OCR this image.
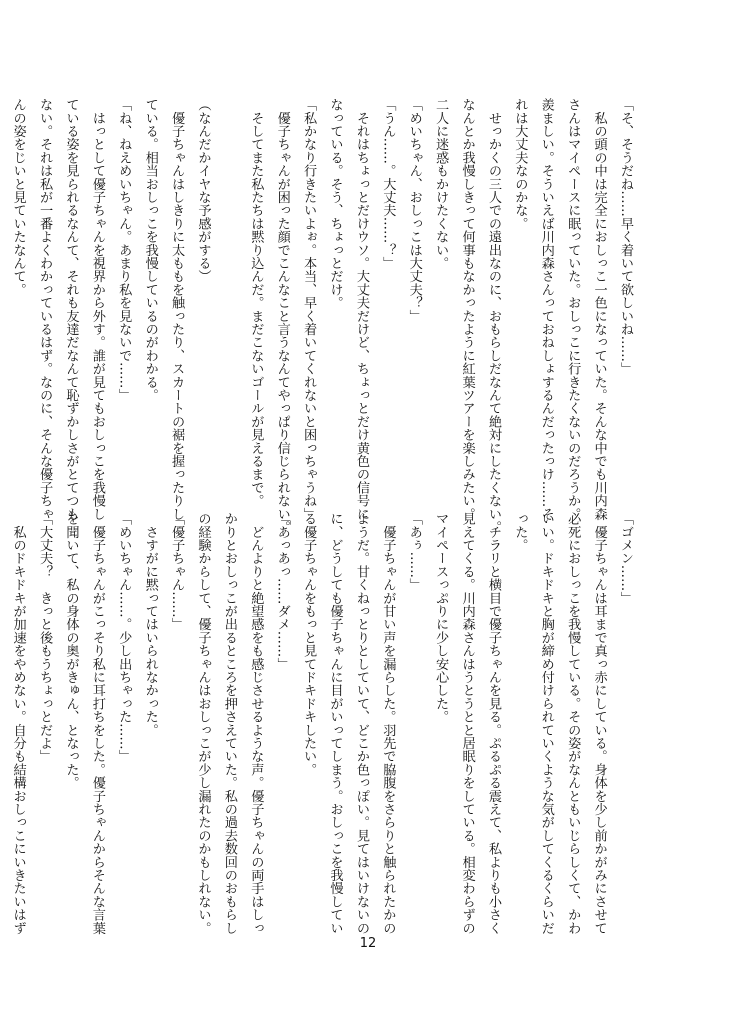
「そ、そうだね……早く着いて欲しいね……」
　私の頭の中は完全におしっこ一色になっていた。そんな中でも川内森
さんはマイペースに眠っていた。おしっこに行きたくないのだろうか。
羨ましい。そういえば川内森さんっておねしょするんだったっけ……そ
れは大丈夫なのかな。
　せっかくの三人での遠出なのに、おもらしだなんて絶対にしたくない。
なんとか我慢しきって何事もなかったように紅葉ツアーを楽しみたい。
二人に迷惑もかけたくない。
「めいちゃん、おしっこは大丈夫？」
「うん……。大丈夫……？」
　それはちょっとだけウソ。大丈夫だけど、ちょっとだけ黄色の信号に
なっている。そう、ちょっとだけ。
「私かなり行きたいよぉ。本当、早く着いてくれないと困っちゃうね」
　優子ちゃんが困った顔でこんなこと言うなんてやっぱり信じられない。
　そしてまた私たちは黙り込んだ。まだこないゴールが見えるまで。

（なんだかイヤな予感がする）
　優子ちゃんはしきりに太ももを触ったり、スカートの裾を握ったりし
ている。相当おしっこを我慢しているのがわかる。
「ね、ねえめいちゃん。あまり私を見ないで……」
　はっとして優子ちゃんを視界から外す。誰が見てもおしっこを我慢し
ている姿を見られるなんて、それも友達だなんて恥ずかしさがとてつも
ない。それは私が一番よくわかっているはず。なのに、そんな優子ちゃ
んの姿をじいと見ていたなんて。
「ゴメン……」
　優子ちゃんは耳まで真っ赤にしている。身体を少し前かがみにさせて
必死におしっこを我慢している。その姿がなんともいじらしくて、かわ
いい。ドキドキと胸が締め付けられていくような気がしてくるくらいだ
った。
　チラリと横目で優子ちゃんを見る。ぷるぷる震えて、私よりも小さく
見えてくる。川内森さんはうとうとと居眠りをしている。相変わらずの
マイペースっぷりに少し安心した。
「あぅ……」
　優子ちゃんが甘い声を漏らした。羽先で脇腹をさらりと触られたかの
ようだ。甘くねっとりとしていて、どこか色っぽい。見てはいけないの
に、どうしても優子ちゃんに目がいってしまう。おしっこを我慢してい
る優子ちゃんをもっと見てドキドキしたい。
「あっあっ……ダメ……」
　どんよりと絶望感をも感じさせるような声。優子ちゃんの両手はしっ
かりとおしっこが出るところを押さえていた。私の過去数回のおもらし
の経験からして、優子ちゃんはおしっこが少し漏れたのかもしれない。
「優子ちゃん……」
　さすがに黙ってはいられなかった。
「めいちゃん……。少し出ちゃった……」
　優子ちゃんがこっそり私に耳打ちをした。優子ちゃんからそんな言葉
を聞いて、私の身体の奥がきゅん、となった。
「大丈夫？　きっと後もうちょっとだよ」
　私のドキドキが加速をやめない。自分も結構おしっこにいきたいはず
12
